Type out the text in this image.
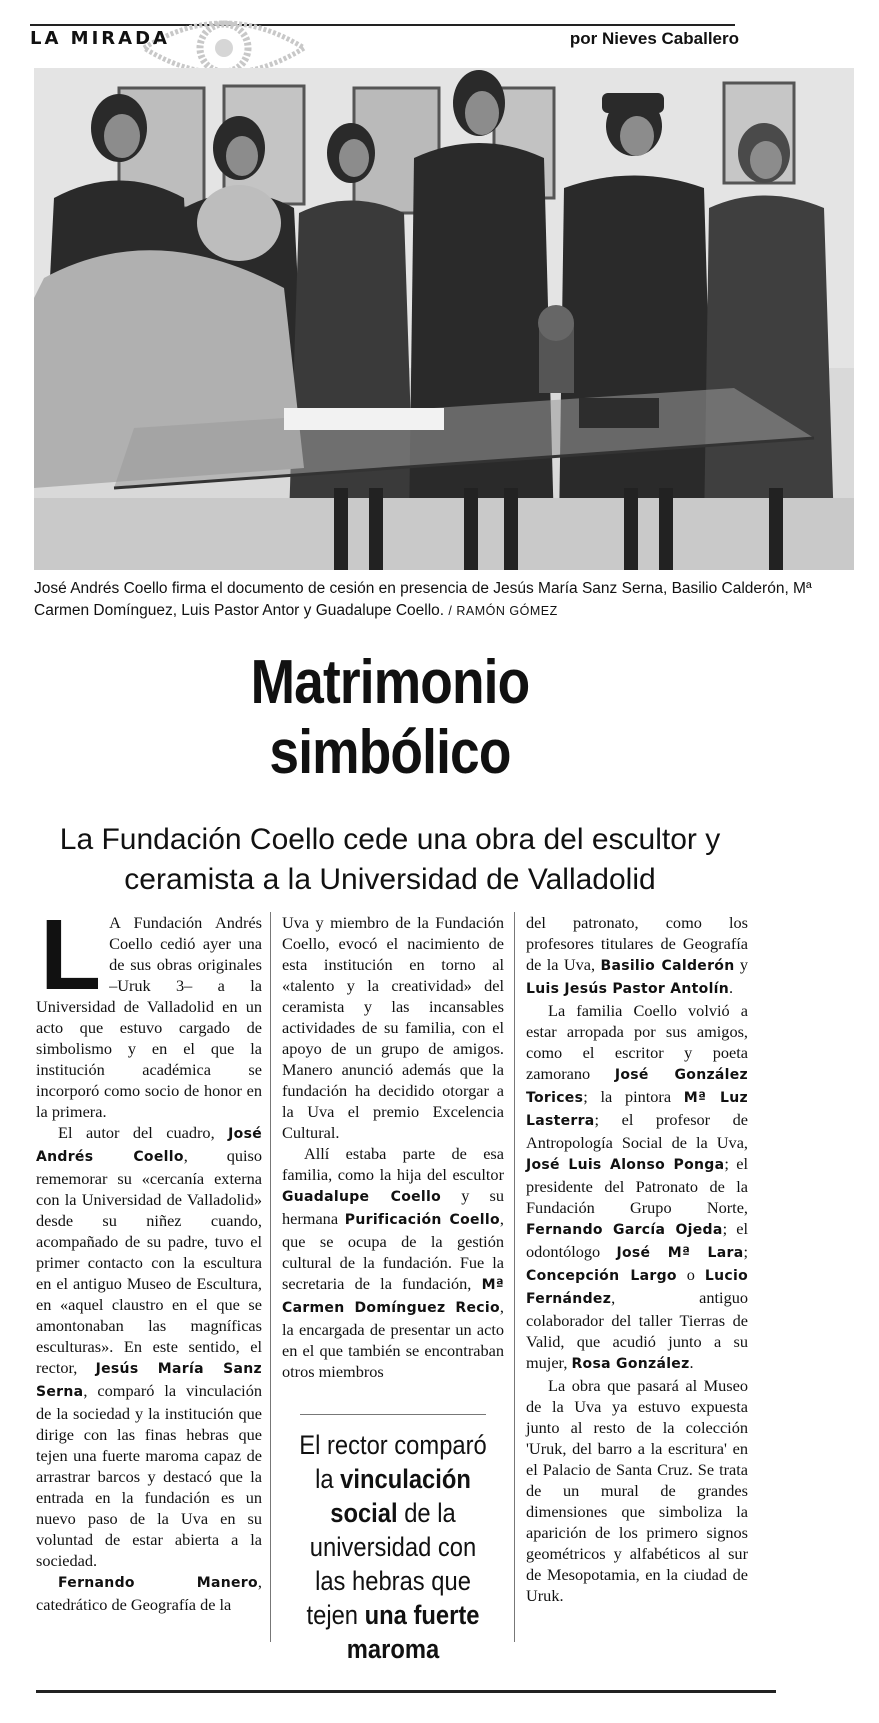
LA MIRADA	por Nieves Caballero
José Andrés Coello firma el documento de cesión en presencia de Jesús María Sanz Serna, Basilio Calderón, Mª Carmen Domínguez, Luis Pastor Antor y Guadalupe Coello. / RAMÓN GÓMEZ
Matrimonio
simbólico
La Fundación Coello cede una obra del escultor y ceramista a la Universidad de Valladolid

L A Fundación Andrés Coello cedió ayer una de sus obras originales –Uruk 3– a la Universidad de Valladolid en un acto que estuvo cargado de simbolismo y en el que la institución académica se incorporó como socio de honor en la primera.

El autor del cuadro, José Andrés Coello, quiso rememorar su «cercanía externa con la Universidad de Valladolid» desde su niñez cuando, acompañado de su padre, tuvo el primer contacto con la escultura en el antiguo Museo de Escultura, en «aquel claustro en el que se amontonaban las magníficas esculturas». En este sentido, el rector, Jesús María Sanz Serna, comparó la vinculación de la sociedad y la institución que dirige con las finas hebras que tejen una fuerte maroma capaz de arrastrar barcos y destacó que la entrada en la fundación es un nuevo paso de la Uva en su voluntad de estar abierta a la sociedad.

Fernando Manero, catedrático de Geografía de la

Uva y miembro de la Fundación Coello, evocó el nacimiento de esta institución en torno al «talento y la creatividad» del ceramista y las incansables actividades de su familia, con el apoyo de un grupo de amigos. Manero anunció además que la fundación ha decidido otorgar a la Uva el premio Excelencia Cultural.

Allí estaba parte de esa familia, como la hija del escultor Guadalupe Coello y su hermana Purificación Coello, que se ocupa de la gestión cultural de la fundación. Fue la secretaria de la fundación, Mª Carmen Domínguez Recio, la encargada de presentar un acto en el que también se encontraban otros miembros

del patronato, como los profesores titulares de Geografía de la Uva, Basilio Calderón y Luis Jesús Pastor Antolín.

La familia Coello volvió a estar arropada por sus amigos, como el escritor y poeta zamorano José González Torices; la pintora Mª Luz Lasterra; el profesor de Antropología Social de la Uva, José Luis Alonso Ponga; el presidente del Patronato de la Fundación Grupo Norte, Fernando García Ojeda; el odontólogo José Mª Lara; Concepción Largo o Lucio Fernández, antiguo colaborador del taller Tierras de Valid, que acudió junto a su mujer, Rosa González.

La obra que pasará al Museo de la Uva ya estuvo expuesta junto al resto de la colección 'Uruk, del barro a la escritura' en el Palacio de Santa Cruz. Se trata de un mural de grandes dimensiones que simboliza la aparición de los primero signos geométricos y alfabéticos al sur de Mesopotamia, en la ciudad de Uruk.

El rector comparó la vinculación social de la universidad con las hebras que tejen una fuerte maroma
